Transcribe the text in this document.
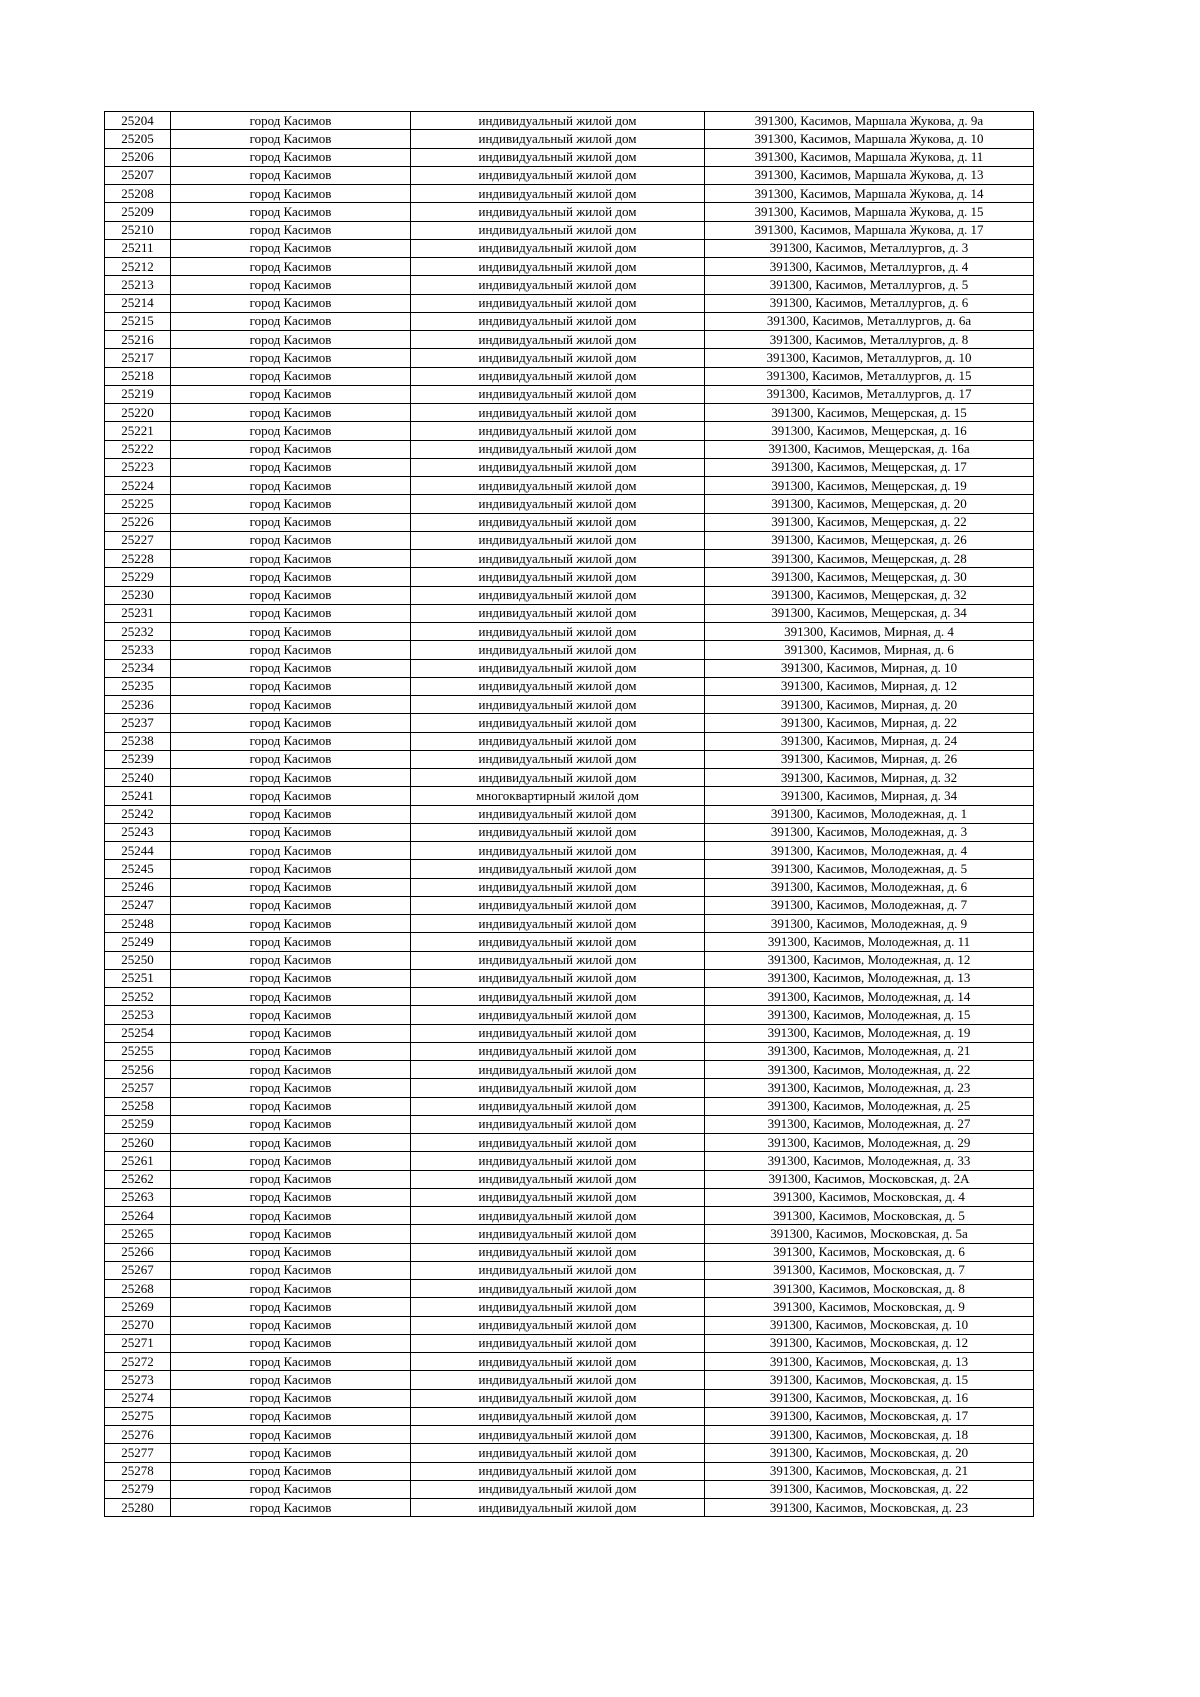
25204	город Касимов	индивидуальный жилой дом	391300, Касимов, Маршала Жукова, д. 9а
25205	город Касимов	индивидуальный жилой дом	391300, Касимов, Маршала Жукова, д. 10
25206	город Касимов	индивидуальный жилой дом	391300, Касимов, Маршала Жукова, д. 11
25207	город Касимов	индивидуальный жилой дом	391300, Касимов, Маршала Жукова, д. 13
25208	город Касимов	индивидуальный жилой дом	391300, Касимов, Маршала Жукова, д. 14
25209	город Касимов	индивидуальный жилой дом	391300, Касимов, Маршала Жукова, д. 15
25210	город Касимов	индивидуальный жилой дом	391300, Касимов, Маршала Жукова, д. 17
25211	город Касимов	индивидуальный жилой дом	391300, Касимов, Металлургов, д. 3
25212	город Касимов	индивидуальный жилой дом	391300, Касимов, Металлургов, д. 4
25213	город Касимов	индивидуальный жилой дом	391300, Касимов, Металлургов, д. 5
25214	город Касимов	индивидуальный жилой дом	391300, Касимов, Металлургов, д. 6
25215	город Касимов	индивидуальный жилой дом	391300, Касимов, Металлургов, д. 6а
25216	город Касимов	индивидуальный жилой дом	391300, Касимов, Металлургов, д. 8
25217	город Касимов	индивидуальный жилой дом	391300, Касимов, Металлургов, д. 10
25218	город Касимов	индивидуальный жилой дом	391300, Касимов, Металлургов, д. 15
25219	город Касимов	индивидуальный жилой дом	391300, Касимов, Металлургов, д. 17
25220	город Касимов	индивидуальный жилой дом	391300, Касимов, Мещерская, д. 15
25221	город Касимов	индивидуальный жилой дом	391300, Касимов, Мещерская, д. 16
25222	город Касимов	индивидуальный жилой дом	391300, Касимов, Мещерская, д. 16а
25223	город Касимов	индивидуальный жилой дом	391300, Касимов, Мещерская, д. 17
25224	город Касимов	индивидуальный жилой дом	391300, Касимов, Мещерская, д. 19
25225	город Касимов	индивидуальный жилой дом	391300, Касимов, Мещерская, д. 20
25226	город Касимов	индивидуальный жилой дом	391300, Касимов, Мещерская, д. 22
25227	город Касимов	индивидуальный жилой дом	391300, Касимов, Мещерская, д. 26
25228	город Касимов	индивидуальный жилой дом	391300, Касимов, Мещерская, д. 28
25229	город Касимов	индивидуальный жилой дом	391300, Касимов, Мещерская, д. 30
25230	город Касимов	индивидуальный жилой дом	391300, Касимов, Мещерская, д. 32
25231	город Касимов	индивидуальный жилой дом	391300, Касимов, Мещерская, д. 34
25232	город Касимов	индивидуальный жилой дом	391300, Касимов, Мирная, д. 4
25233	город Касимов	индивидуальный жилой дом	391300, Касимов, Мирная, д. 6
25234	город Касимов	индивидуальный жилой дом	391300, Касимов, Мирная, д. 10
25235	город Касимов	индивидуальный жилой дом	391300, Касимов, Мирная, д. 12
25236	город Касимов	индивидуальный жилой дом	391300, Касимов, Мирная, д. 20
25237	город Касимов	индивидуальный жилой дом	391300, Касимов, Мирная, д. 22
25238	город Касимов	индивидуальный жилой дом	391300, Касимов, Мирная, д. 24
25239	город Касимов	индивидуальный жилой дом	391300, Касимов, Мирная, д. 26
25240	город Касимов	индивидуальный жилой дом	391300, Касимов, Мирная, д. 32
25241	город Касимов	многоквартирный жилой дом	391300, Касимов, Мирная, д. 34
25242	город Касимов	индивидуальный жилой дом	391300, Касимов, Молодежная, д. 1
25243	город Касимов	индивидуальный жилой дом	391300, Касимов, Молодежная, д. 3
25244	город Касимов	индивидуальный жилой дом	391300, Касимов, Молодежная, д. 4
25245	город Касимов	индивидуальный жилой дом	391300, Касимов, Молодежная, д. 5
25246	город Касимов	индивидуальный жилой дом	391300, Касимов, Молодежная, д. 6
25247	город Касимов	индивидуальный жилой дом	391300, Касимов, Молодежная, д. 7
25248	город Касимов	индивидуальный жилой дом	391300, Касимов, Молодежная, д. 9
25249	город Касимов	индивидуальный жилой дом	391300, Касимов, Молодежная, д. 11
25250	город Касимов	индивидуальный жилой дом	391300, Касимов, Молодежная, д. 12
25251	город Касимов	индивидуальный жилой дом	391300, Касимов, Молодежная, д. 13
25252	город Касимов	индивидуальный жилой дом	391300, Касимов, Молодежная, д. 14
25253	город Касимов	индивидуальный жилой дом	391300, Касимов, Молодежная, д. 15
25254	город Касимов	индивидуальный жилой дом	391300, Касимов, Молодежная, д. 19
25255	город Касимов	индивидуальный жилой дом	391300, Касимов, Молодежная, д. 21
25256	город Касимов	индивидуальный жилой дом	391300, Касимов, Молодежная, д. 22
25257	город Касимов	индивидуальный жилой дом	391300, Касимов, Молодежная, д. 23
25258	город Касимов	индивидуальный жилой дом	391300, Касимов, Молодежная, д. 25
25259	город Касимов	индивидуальный жилой дом	391300, Касимов, Молодежная, д. 27
25260	город Касимов	индивидуальный жилой дом	391300, Касимов, Молодежная, д. 29
25261	город Касимов	индивидуальный жилой дом	391300, Касимов, Молодежная, д. 33
25262	город Касимов	индивидуальный жилой дом	391300, Касимов, Московская, д. 2А
25263	город Касимов	индивидуальный жилой дом	391300, Касимов, Московская, д. 4
25264	город Касимов	индивидуальный жилой дом	391300, Касимов, Московская, д. 5
25265	город Касимов	индивидуальный жилой дом	391300, Касимов, Московская, д. 5а
25266	город Касимов	индивидуальный жилой дом	391300, Касимов, Московская, д. 6
25267	город Касимов	индивидуальный жилой дом	391300, Касимов, Московская, д. 7
25268	город Касимов	индивидуальный жилой дом	391300, Касимов, Московская, д. 8
25269	город Касимов	индивидуальный жилой дом	391300, Касимов, Московская, д. 9
25270	город Касимов	индивидуальный жилой дом	391300, Касимов, Московская, д. 10
25271	город Касимов	индивидуальный жилой дом	391300, Касимов, Московская, д. 12
25272	город Касимов	индивидуальный жилой дом	391300, Касимов, Московская, д. 13
25273	город Касимов	индивидуальный жилой дом	391300, Касимов, Московская, д. 15
25274	город Касимов	индивидуальный жилой дом	391300, Касимов, Московская, д. 16
25275	город Касимов	индивидуальный жилой дом	391300, Касимов, Московская, д. 17
25276	город Касимов	индивидуальный жилой дом	391300, Касимов, Московская, д. 18
25277	город Касимов	индивидуальный жилой дом	391300, Касимов, Московская, д. 20
25278	город Касимов	индивидуальный жилой дом	391300, Касимов, Московская, д. 21
25279	город Касимов	индивидуальный жилой дом	391300, Касимов, Московская, д. 22
25280	город Касимов	индивидуальный жилой дом	391300, Касимов, Московская, д. 23
